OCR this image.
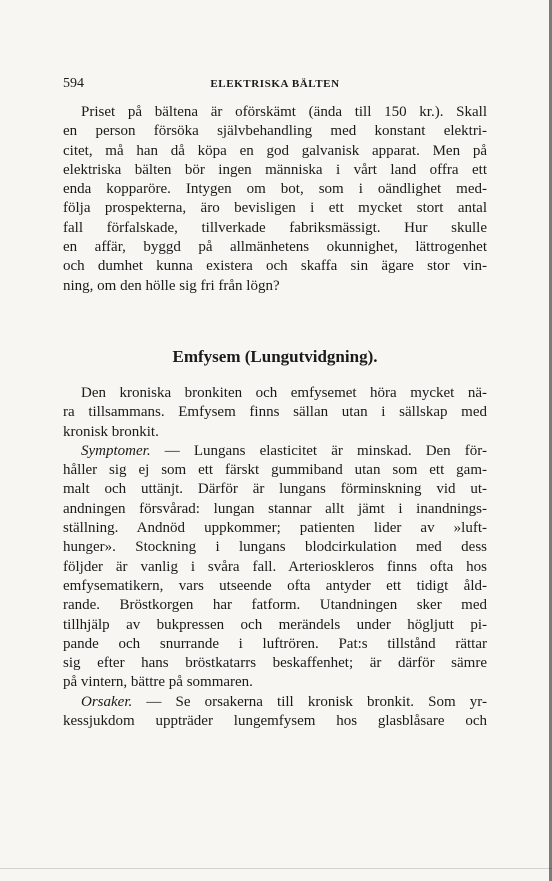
594	ELEKTRISKA BÄLTEN
Priset på bältena är oförskämt (ända till 150 kr.). Skall
en person försöka självbehandling med konstant elektri-
citet, må han då köpa en god galvanisk apparat. Men på
elektriska bälten bör ingen människa i vårt land offra ett
enda kopparöre. Intygen om bot, som i oändlighet med-
följa prospekterna, äro bevisligen i ett mycket stort antal
fall förfalskade, tillverkade fabriksmässigt. Hur skulle
en affär, byggd på allmänhetens okunnighet, lättrogenhet
och dumhet kunna existera och skaffa sin ägare stor vin-
ning, om den hölle sig fri från lögn?
Emfysem (Lungutvidgning).
Den kroniska bronkiten och emfysemet höra mycket nä-
ra tillsammans. Emfysem finns sällan utan i sällskap med
kronisk bronkit.
Symptomer. — Lungans elasticitet är minskad. Den för-
håller sig ej som ett färskt gummiband utan som ett gam-
malt och uttänjt. Därför är lungans förminskning vid ut-
andningen försvårad: lungan stannar allt jämt i inandnings-
ställning. Andnöd uppkommer; patienten lider av »luft-
hunger». Stockning i lungans blodcirkulation med dess
följder är vanlig i svåra fall. Arterioskleros finns ofta hos
emfysematikern, vars utseende ofta antyder ett tidigt åld-
rande. Bröstkorgen har fatform. Utandningen sker med
tillhjälp av bukpressen och merändels under högljutt pi-
pande och snurrande i luftrören. Pat:s tillstånd rättar
sig efter hans bröstkatarrs beskaffenhet; är därför sämre
på vintern, bättre på sommaren.
Orsaker. — Se orsakerna till kronisk bronkit. Som yr-
kessjukdom uppträder lungemfysem hos glasblåsare och
